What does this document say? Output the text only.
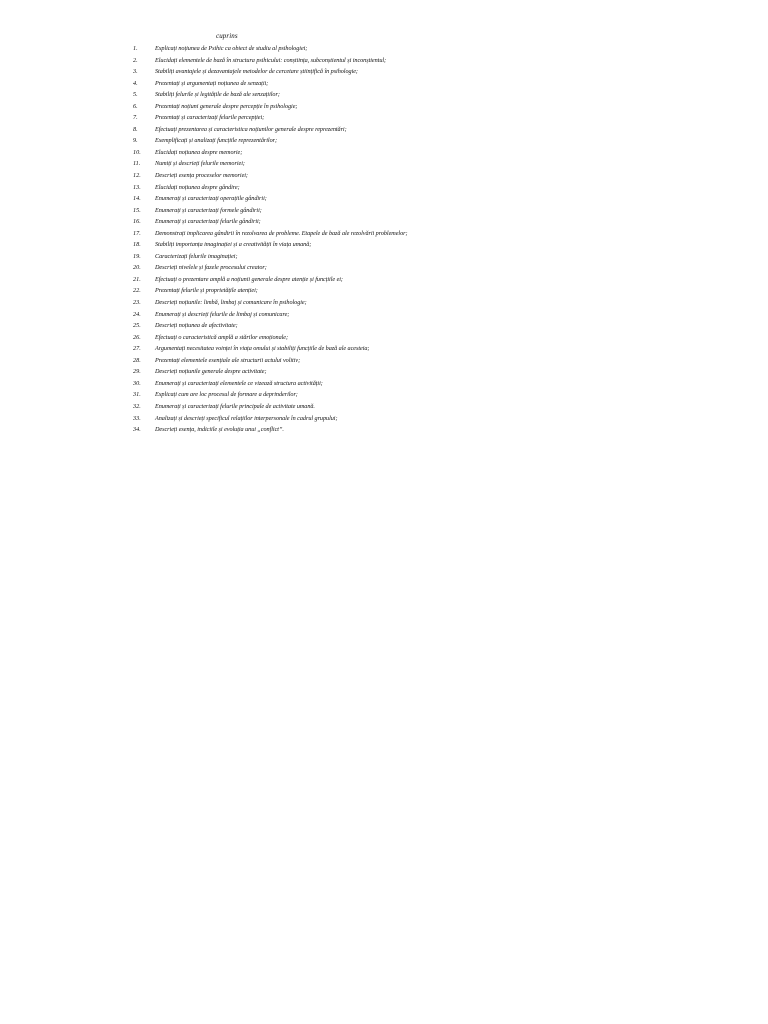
cuprins
1.	Explicați noțiunea de Psihic ca obiect de studiu al psihologiei;
2.	Elucidați elementele de bază în structura psihicului: conștiința, subconștientul și inconștientul;
3.	Stabiliți avantajele și dezavantajele metodelor de cercetare științifică în psihologie;
4.	Prezentați și argumentați noțiunea de senzații;
5.	Stabiliți felurile și legitățile de bază ale senzațiilor;
6.	Prezentați noțiuni generale despre percepție în psihologie;
7.	Prezentați și caracterizați felurile percepției;
8.	Efectuați prezentarea și caracteristica noțiunilor generale despre reprezentări;
9.	Exemplificați și analizați funcțiile reprezentărilor;
10. Elucidați noțiunea despre memorie;
11. Numiți și descrieți felurile memoriei;
12. Descrieți esența proceselor memoriei;
13. Elucidați noțiunea despre gândire;
14. Enumerați și caracterizați operațiile gândirii;
15. Enumerați și caracterizați formele gândirii;
16. Enumerați și caracterizați felurile gândirii;
17. Demonstrați implicarea gândirii în rezolvarea de probleme. Etapele de bază ale rezolvării problemelor;
18. Stabiliți importanța imaginației și a creativității în viața umană;
19. Caracterizați felurile imaginației;
20. Descrieți nivelele și fazele procesului creator;
21. Efectuați o prezentare amplă a noțiunii generale despre atenție și funcțiile ei;
22. Prezentați felurile și proprietățile atenției;
23. Descrieți noțiunile: limbă, limbaj și comunicare în psihologie;
24. Enumerați și descrieți felurile de limbaj și comunicare;
25. Descrieți noțiunea de afectivitate;
26. Efectuați o caracteristică amplă a stărilor emoționale;
27. Argumentați necesitatea voinței în viața omului și stabiliți funcțiile de bază ale acesteia;
28. Prezentați elementele esențiale ale structurii actului volitiv;
29. Descrieți noțiunile generale despre activitate;
30. Enumerați și caracterizați elementele ce vizează structura activității;
31. Explicați cum are loc procesul de formare a deprinderilor;
32. Enumerați și caracterizați felurile principale de activitate umană.
33. Analizați și descrieți specificul relațiilor interpersonale în cadrul grupului;
34. Descrieți esența, indiciile și evoluția unui „conflict”.
